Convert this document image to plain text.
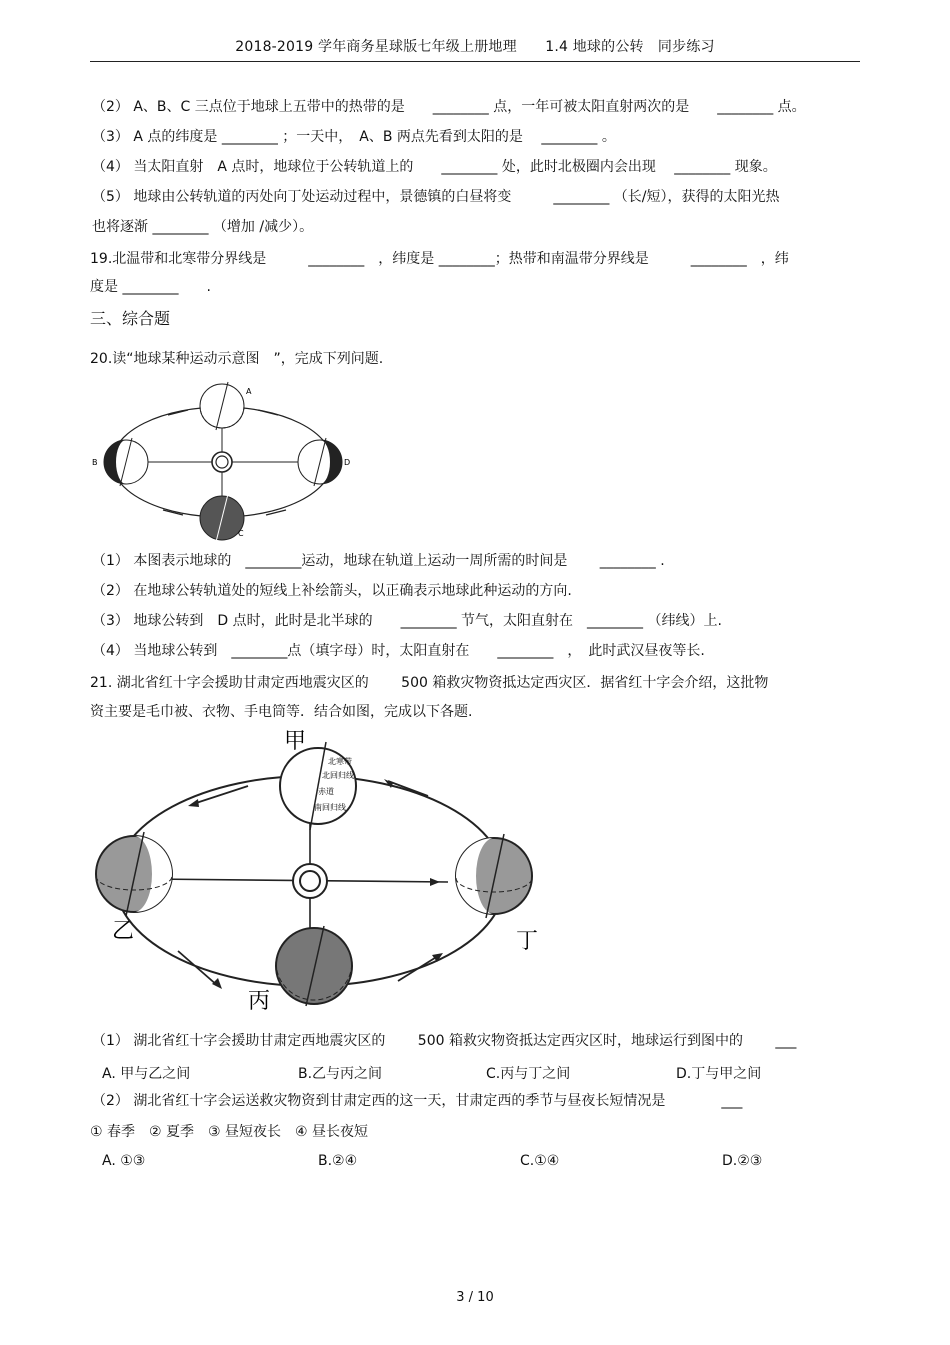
2018-2019 学年商务星球版七年级上册地理　　1.4 地球的公转　同步练习
（2） A、B、C 三点位于地球上五带中的热带的是　　________ 点，一年可被太阳直射两次的是　　________ 点。
（3） A 点的纬度是 ________ ；一天中，　A、B 两点先看到太阳的是　 ________ 。
（4） 当太阳直射　A 点时，地球位于公转轨道上的　　________ 处，此时北极圈内会出现　 ________ 现象。
（5） 地球由公转轨道的丙处向丁处运动过程中，景德镇的白昼将变　　　________ （长/短），获得的太阳光热
也将逐渐 ________ （增加 /减少）。
19.北温带和北寒带分界线是　　　________　，纬度是 ________；热带和南温带分界线是　　　________　，纬
度是 ________　　.
三、综合题
20.读“地球某种运动示意图　”，完成下列问题.
A
B
C
D
（1） 本图表示地球的　________运动，地球在轨道上运动一周所需的时间是　　 ________ .
（2） 在地球公转轨道处的短线上补绘箭头，以正确表示地球此种运动的方向.
（3） 地球公转到　D 点时，此时是北半球的　　________ 节气，太阳直射在　________ （纬线）上.
（4） 当地球公转到　________点（填字母）时，太阳直射在　　________　，　此时武汉昼夜等长.
21. 湖北省红十字会援助甘肃定西地震灾区的　　 500 箱救灾物资抵达定西灾区．据省红十字会介绍，这批物
资主要是毛巾被、衣物、手电筒等．结合如图，完成以下各题.
北寒带
北回归线
赤道
南回归线
甲
乙
丙
丁
（1） 湖北省红十字会援助甘肃定西地震灾区的　　 500 箱救灾物资抵达定西灾区时，地球运行到图中的　　 ___
A. 甲与乙之间	B.乙与丙之间	C.丙与丁之间	D.丁与甲之间
（2） 湖北省红十字会运送救灾物资到甘肃定西的这一天，甘肃定西的季节与昼夜长短情况是　　　　___
① 春季　② 夏季　③ 昼短夜长　④ 昼长夜短
A. ①③	B.②④	C.①④	D.②③
3 / 10
